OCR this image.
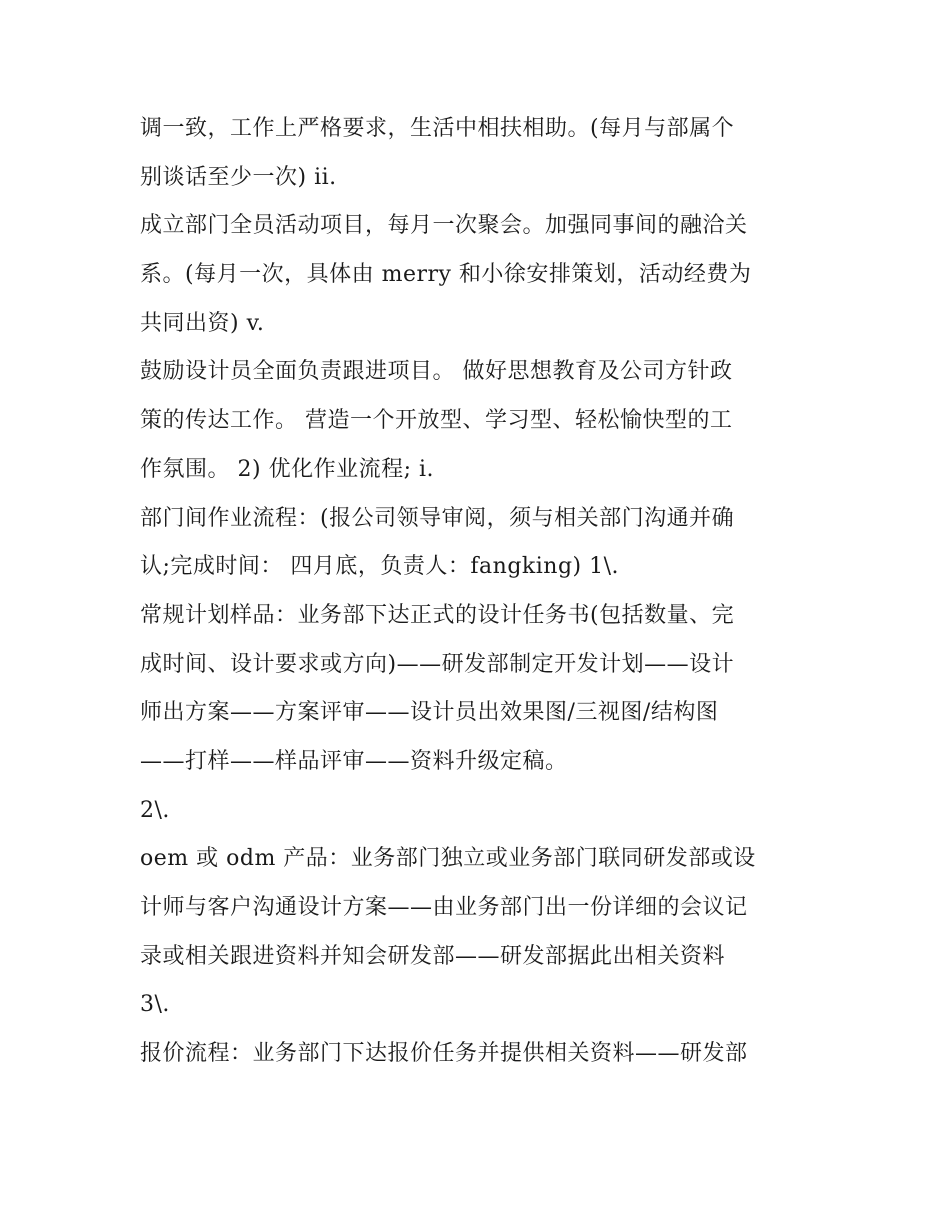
调一致，工作上严格要求，生活中相扶相助。(每月与部属个
别谈话至少一次) ii.
成立部门全员活动项目，每月一次聚会。加强同事间的融洽关
系。(每月一次，具体由 merry 和小徐安排策划，活动经费为
共同出资) v.
鼓励设计员全面负责跟进项目。 做好思想教育及公司方针政
策的传达工作。 营造一个开放型、学习型、轻松愉快型的工
作氛围。 2) 优化作业流程; i.
部门间作业流程：(报公司领导审阅，须与相关部门沟通并确
认;完成时间： 四月底，负责人：fangking) 1\.
常规计划样品：业务部下达正式的设计任务书(包括数量、完
成时间、设计要求或方向)——研发部制定开发计划——设计
师出方案——方案评审——设计员出效果图/三视图/结构图
——打样——样品评审——资料升级定稿。
2\.
oem 或 odm 产品：业务部门独立或业务部门联同研发部或设
计师与客户沟通设计方案——由业务部门出一份详细的会议记
录或相关跟进资料并知会研发部——研发部据此出相关资料
3\.
报价流程：业务部门下达报价任务并提供相关资料——研发部
